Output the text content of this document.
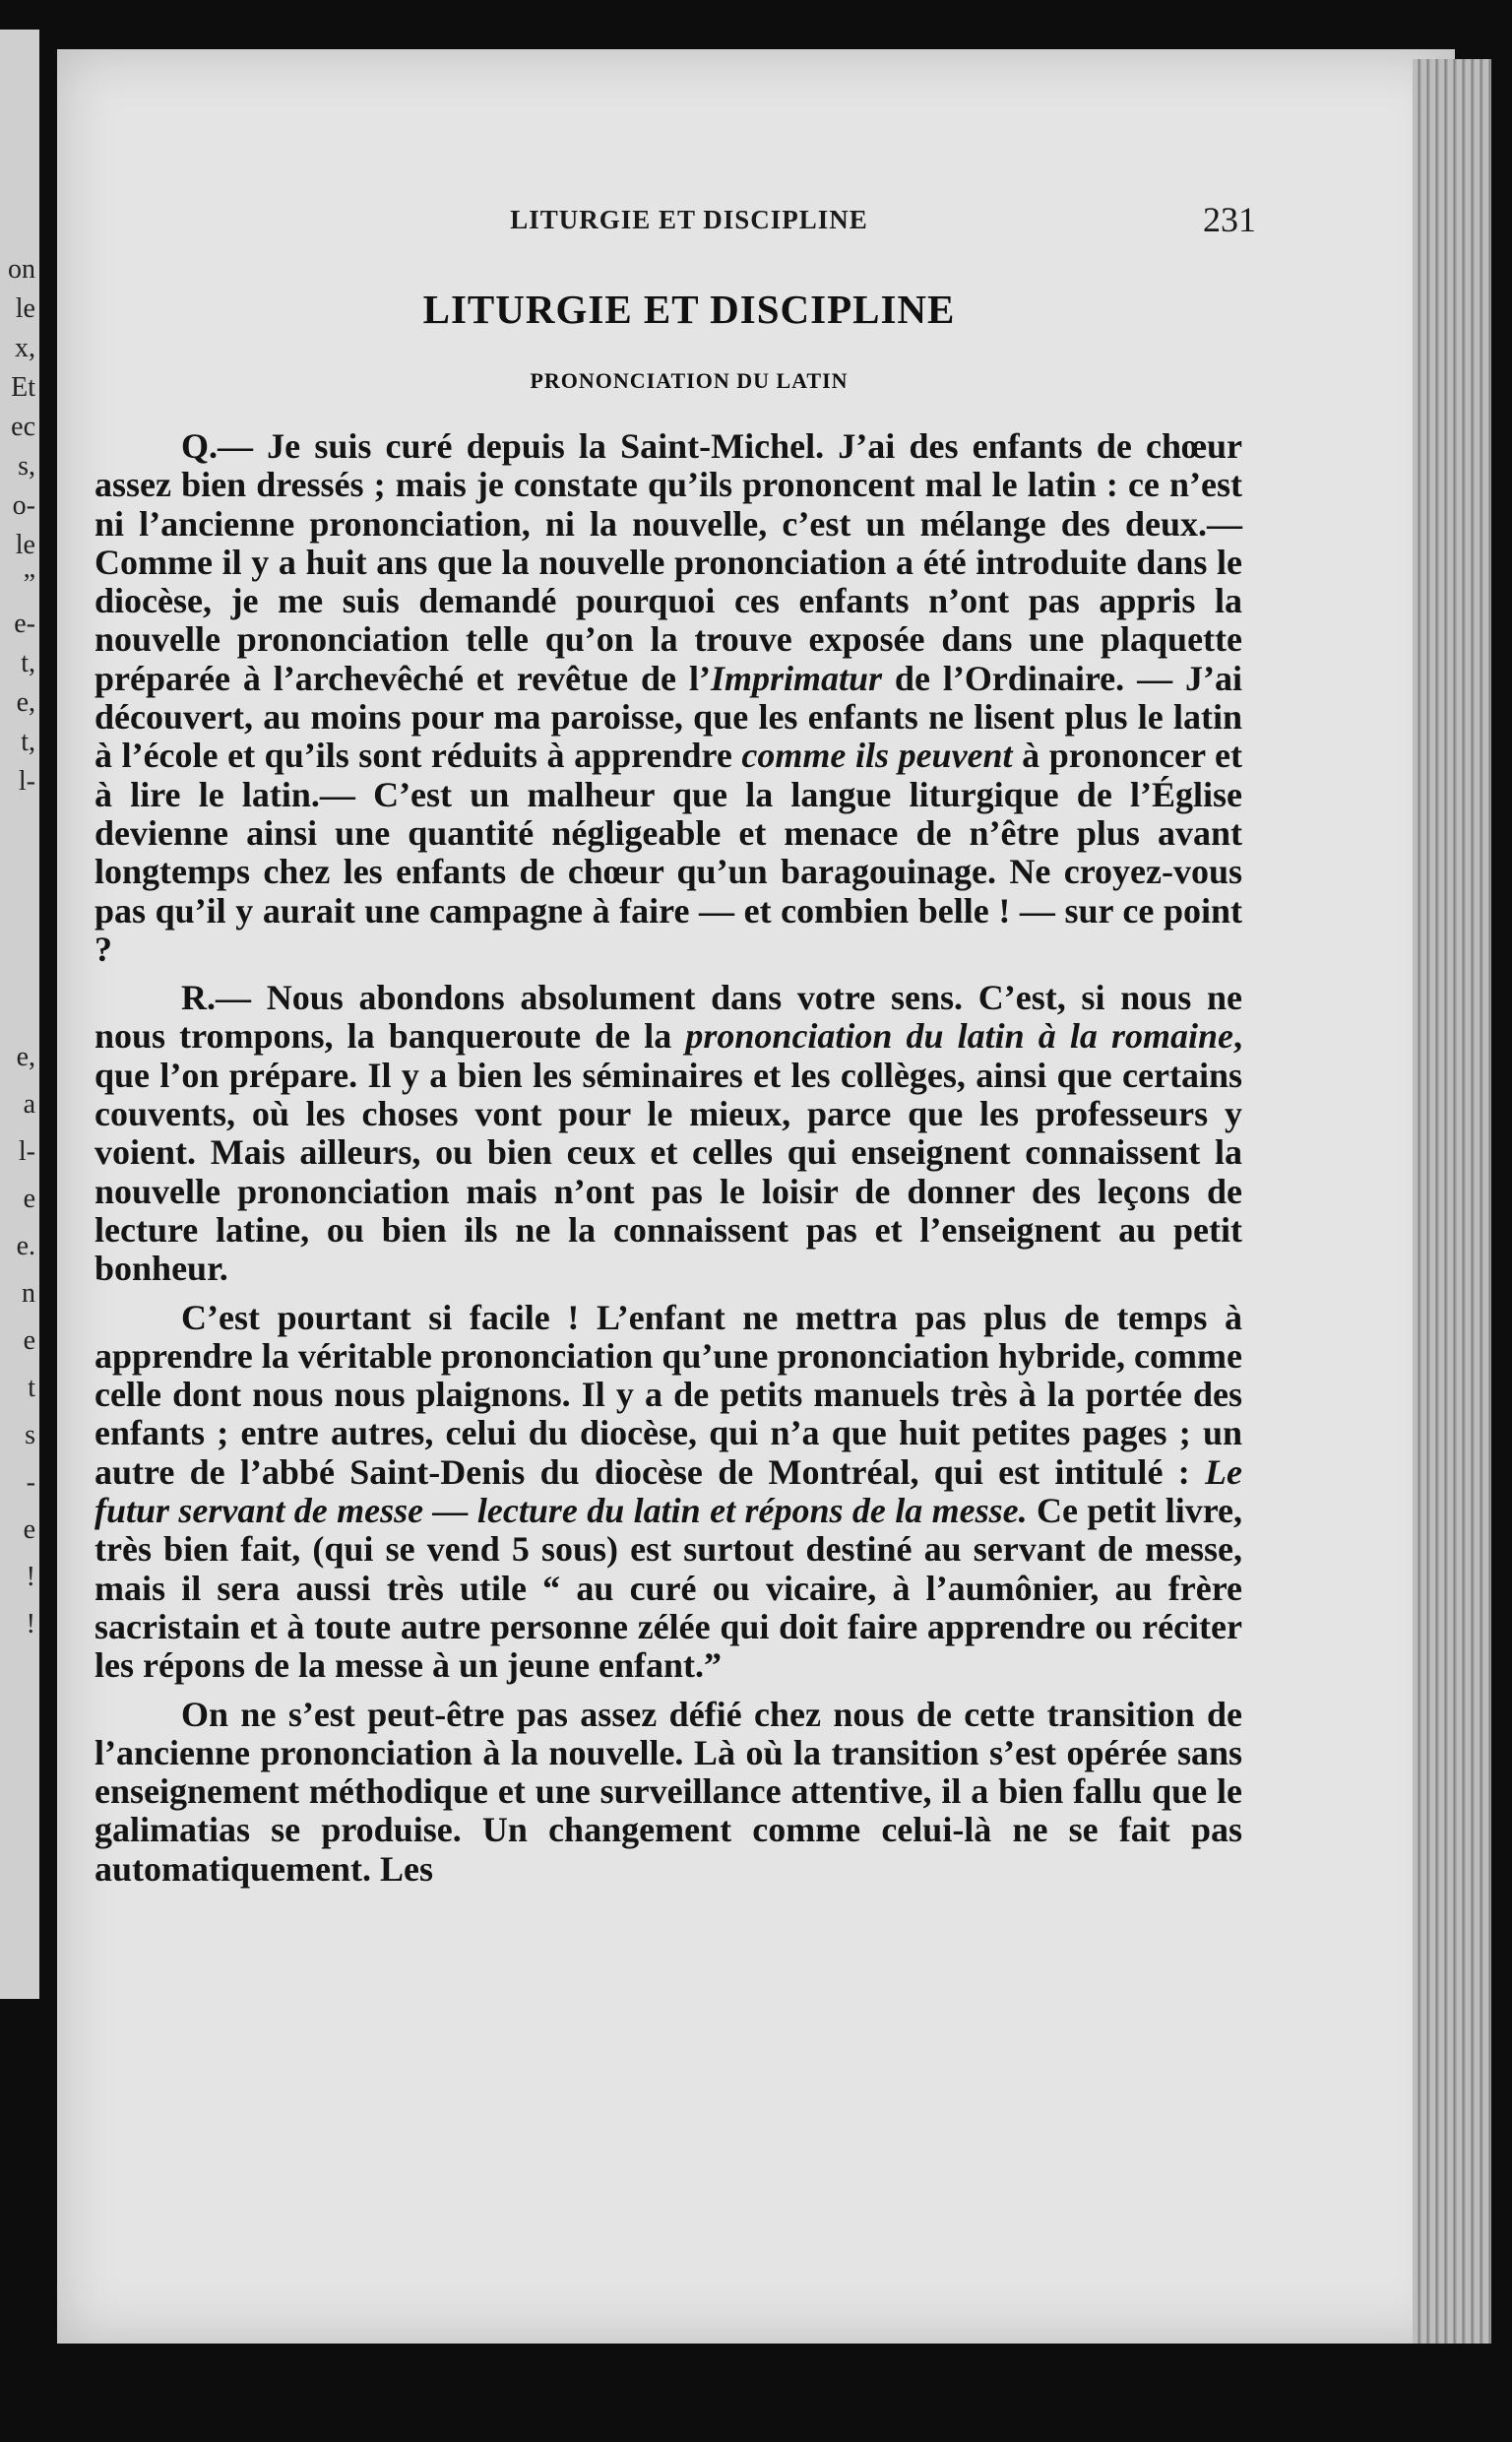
on
le
x,
Et
ec
s,
o-
le
”
e-
t,
e,
t,
l-
e,
a
l-
e
e.
n
e
t
s
-
e
!
!
LITURGIE ET DISCIPLINE	231
LITURGIE ET DISCIPLINE
PRONONCIATION DU LATIN

Q.— Je suis curé depuis la Saint-Michel. J’ai des enfants de chœur assez bien dressés ; mais je constate qu’ils prononcent mal le latin : ce n’est ni l’ancienne prononciation, ni la nouvelle, c’est un mélange des deux.— Comme il y a huit ans que la nouvelle prononciation a été introduite dans le diocèse, je me suis demandé pourquoi ces enfants n’ont pas appris la nouvelle prononciation telle qu’on la trouve exposée dans une plaquette préparée à l’archevêché et revêtue de l’Imprimatur de l’Ordinaire. — J’ai découvert, au moins pour ma paroisse, que les enfants ne lisent plus le latin à l’école et qu’ils sont réduits à apprendre comme ils peuvent à prononcer et à lire le latin.— C’est un malheur que la langue liturgique de l’Église devienne ainsi une quantité négligeable et menace de n’être plus avant longtemps chez les enfants de chœur qu’un baragouinage. Ne croyez-vous pas qu’il y aurait une campagne à faire — et combien belle ! — sur ce point ?

R.— Nous abondons absolument dans votre sens. C’est, si nous ne nous trompons, la banqueroute de la prononciation du latin à la romaine, que l’on prépare. Il y a bien les séminaires et les collèges, ainsi que certains couvents, où les choses vont pour le mieux, parce que les professeurs y voient. Mais ailleurs, ou bien ceux et celles qui enseignent connaissent la nouvelle prononciation mais n’ont pas le loisir de donner des leçons de lecture latine, ou bien ils ne la connaissent pas et l’enseignent au petit bonheur.

C’est pourtant si facile ! L’enfant ne mettra pas plus de temps à apprendre la véritable prononciation qu’une prononciation hybride, comme celle dont nous nous plaignons. Il y a de petits manuels très à la portée des enfants ; entre autres, celui du diocèse, qui n’a que huit petites pages ; un autre de l’abbé Saint-Denis du diocèse de Montréal, qui est intitulé : Le futur servant de messe — lecture du latin et répons de la messe. Ce petit livre, très bien fait, (qui se vend 5 sous) est surtout destiné au servant de messe, mais il sera aussi très utile “ au curé ou vicaire, à l’aumônier, au frère sacristain et à toute autre personne zélée qui doit faire apprendre ou réciter les répons de la messe à un jeune enfant.”

On ne s’est peut-être pas assez défié chez nous de cette transition de l’ancienne prononciation à la nouvelle. Là où la transition s’est opérée sans enseignement méthodique et une surveillance attentive, il a bien fallu que le galimatias se produise. Un changement comme celui-là ne se fait pas automatiquement. Les
